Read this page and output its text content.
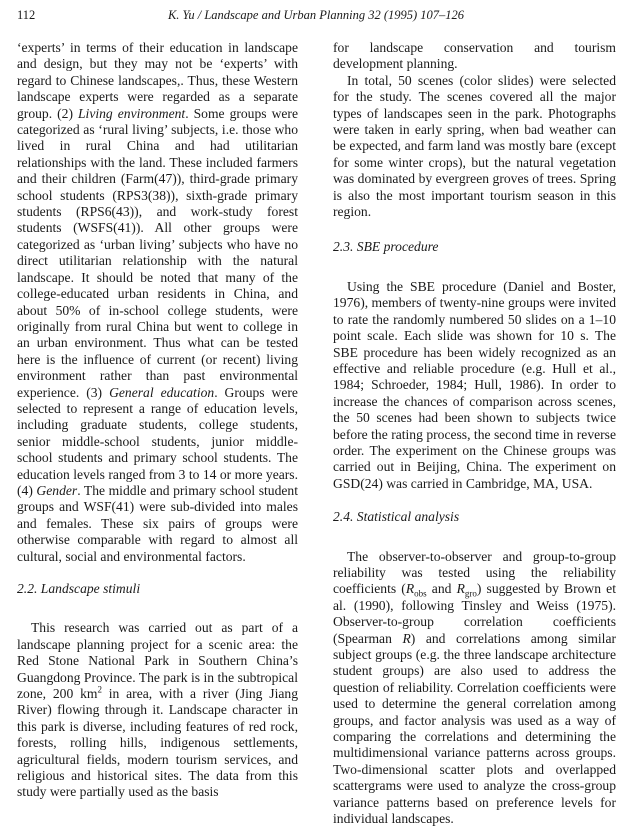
112	K. Yu / Landscape and Urban Planning 32 (1995) 107–126

‘experts’ in terms of their education in landscape and design, but they may not be ‘experts’ with regard to Chinese landscapes,. Thus, these Western landscape experts were regarded as a separate group. (2) Living environment. Some groups were categorized as ‘rural living’ subjects, i.e. those who lived in rural China and had utilitarian relationships with the land. These included farmers and their children (Farm(47)), third-grade primary school students (RPS3(38)), sixth-grade primary students (RPS6(43)), and work-study forest students (WSFS(41)). All other groups were categorized as ‘urban living’ subjects who have no direct utilitarian relationship with the natural landscape. It should be noted that many of the college-educated urban residents in China, and about 50% of in-school college students, were originally from rural China but went to college in an urban environment. Thus what can be tested here is the influence of current (or recent) living environment rather than past environmental experience. (3) General education. Groups were selected to represent a range of education levels, including graduate students, college students, senior middle-school students, junior middle-school students and primary school students. The education levels ranged from 3 to 14 or more years. (4) Gender. The middle and primary school student groups and WSF(41) were sub-divided into males and females. These six pairs of groups were otherwise comparable with regard to almost all cultural, social and environmental factors.

2.2. Landscape stimuli

This research was carried out as part of a landscape planning project for a scenic area: the Red Stone National Park in Southern China’s Guangdong Province. The park is in the subtropical zone, 200 $km^2$ in area, with a river (Jing Jiang River) flowing through it. Landscape character in this park is diverse, including features of red rock, forests, rolling hills, indigenous settlements, agricultural fields, modern tourism services, and religious and historical sites. The data from this study were partially used as the basis

for landscape conservation and tourism development planning.

In total, 50 scenes (color slides) were selected for the study. The scenes covered all the major types of landscapes seen in the park. Photographs were taken in early spring, when bad weather can be expected, and farm land was mostly bare (except for some winter crops), but the natural vegetation was dominated by evergreen groves of trees. Spring is also the most important tourism season in this region.

2.3. SBE procedure

Using the SBE procedure (Daniel and Boster, 1976), members of twenty-nine groups were invited to rate the randomly numbered 50 slides on a 1–10 point scale. Each slide was shown for 10 s. The SBE procedure has been widely recognized as an effective and reliable procedure (e.g. Hull et al., 1984; Schroeder, 1984; Hull, 1986). In order to increase the chances of comparison across scenes, the 50 scenes had been shown to subjects twice before the rating process, the second time in reverse order. The experiment on the Chinese groups was carried out in Beijing, China. The experiment on GSD(24) was carried in Cambridge, MA, USA.

2.4. Statistical analysis

The observer-to-observer and group-to-group reliability was tested using the reliability coefficients ($R_{obs}$ and $R_{gro}$) suggested by Brown et al. (1990), following Tinsley and Weiss (1975). Observer-to-group correlation coefficients (Spearman R) and correlations among similar subject groups (e.g. the three landscape architecture student groups) are also used to address the question of reliability. Correlation coefficients were used to determine the general correlation among groups, and factor analysis was used as a way of comparing the correlations and determining the multidimensional variance patterns across groups. Two-dimensional scatter plots and overlapped scattergrams were used to analyze the cross-group variance patterns based on preference levels for individual landscapes.
